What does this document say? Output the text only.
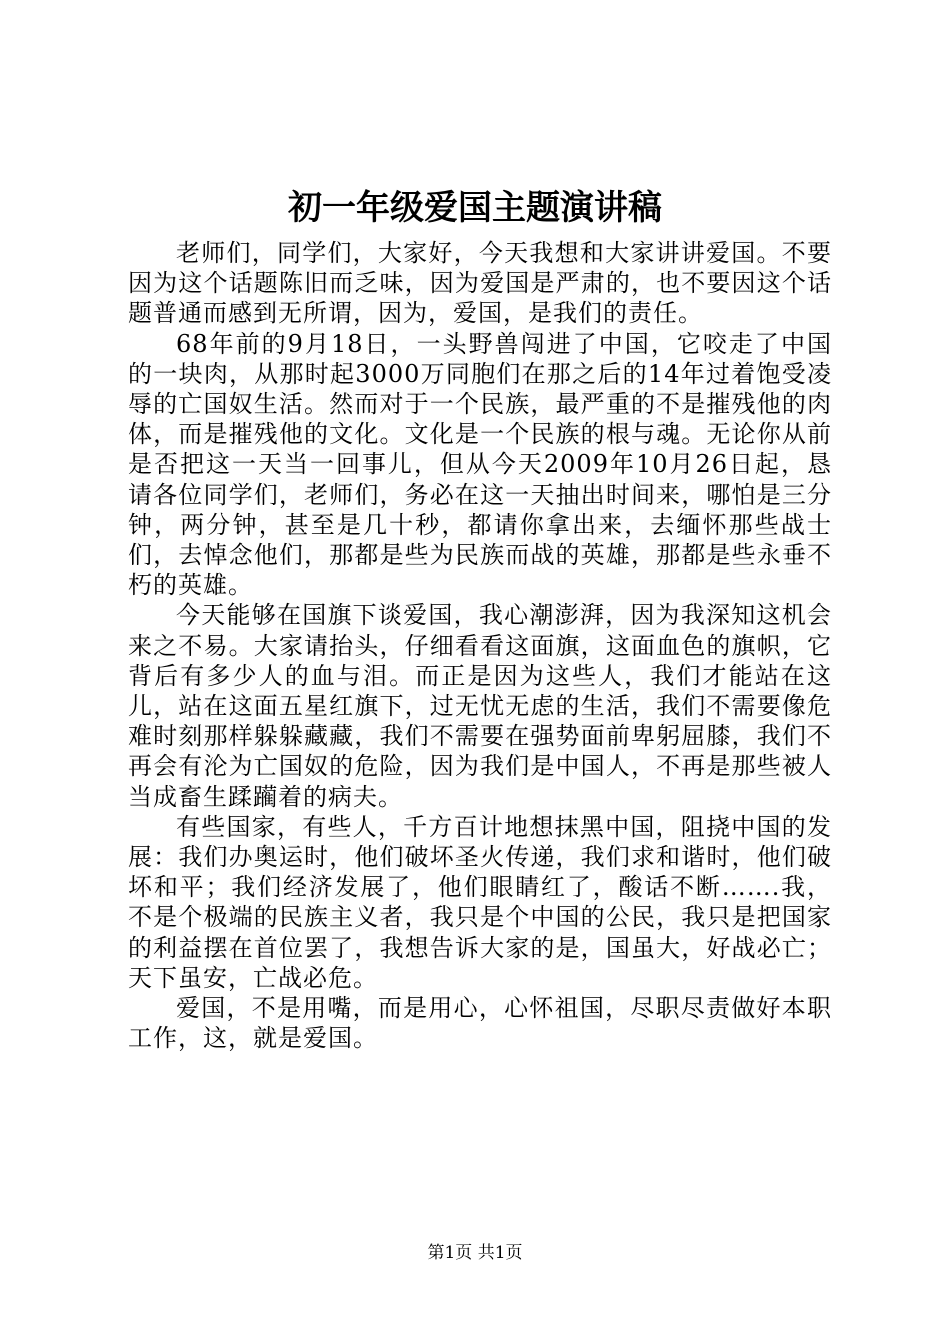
初一年级爱国主题演讲稿

老师们，同学们，大家好，今天我想和大家讲讲爱国。不要因为这个话题陈旧而乏味，因为爱国是严肃的，也不要因这个话题普通而感到无所谓，因为，爱国，是我们的责任。

68年前的9月18日，一头野兽闯进了中国，它咬走了中国的一块肉，从那时起3000万同胞们在那之后的14年过着饱受凌辱的亡国奴生活。然而对于一个民族，最严重的不是摧残他的肉体，而是摧残他的文化。文化是一个民族的根与魂。无论你从前是否把这一天当一回事儿，但从今天2009年10月26日起，恳请各位同学们，老师们，务必在这一天抽出时间来，哪怕是三分钟，两分钟，甚至是几十秒，都请你拿出来，去缅怀那些战士们，去悼念他们，那都是些为民族而战的英雄，那都是些永垂不朽的英雄。

今天能够在国旗下谈爱国，我心潮澎湃，因为我深知这机会来之不易。大家请抬头，仔细看看这面旗，这面血色的旗帜，它背后有多少人的血与泪。而正是因为这些人，我们才能站在这儿，站在这面五星红旗下，过无忧无虑的生活，我们不需要像危难时刻那样躲躲藏藏，我们不需要在强势面前卑躬屈膝，我们不再会有沦为亡国奴的危险，因为我们是中国人，不再是那些被人当成畜生蹂躏着的病夫。

有些国家，有些人，千方百计地想抹黑中国，阻挠中国的发展：我们办奥运时，他们破坏圣火传递，我们求和谐时，他们破坏和平；我们经济发展了，他们眼睛红了，酸话不断…….我，不是个极端的民族主义者，我只是个中国的公民，我只是把国家的利益摆在首位罢了，我想告诉大家的是，国虽大，好战必亡；天下虽安，亡战必危。

爱国，不是用嘴，而是用心，心怀祖国，尽职尽责做好本职工作，这，就是爱国。

第1页 共1页
